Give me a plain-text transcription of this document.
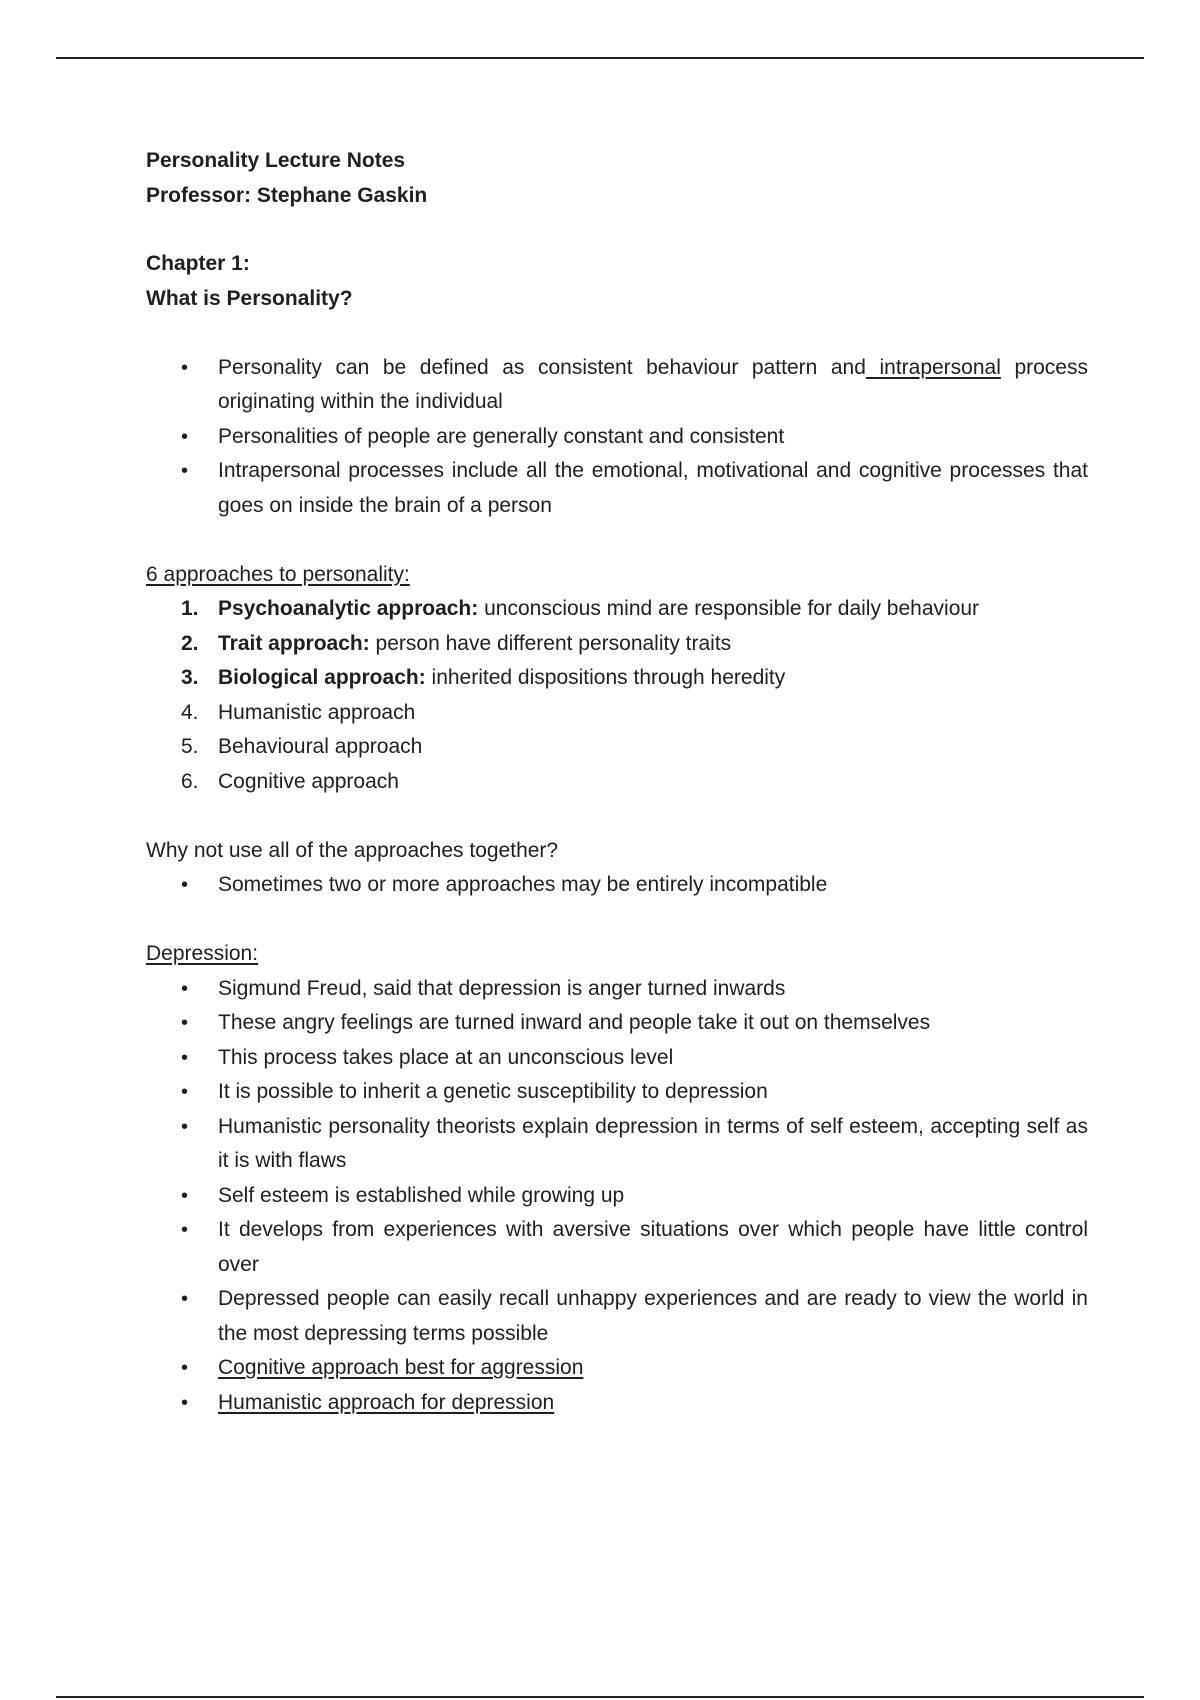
Personality Lecture Notes

Professor: Stephane Gaskin

Chapter 1:

What is Personality?

• Personality can be defined as consistent behaviour pattern and intrapersonal process originating within the individual
• Personalities of people are generally constant and consistent
• Intrapersonal processes include all the emotional, motivational and cognitive processes that goes on inside the brain of a person

6 approaches to personality:

1. Psychoanalytic approach: unconscious mind are responsible for daily behaviour
2. Trait approach: person have different personality traits
3. Biological approach: inherited dispositions through heredity
4. Humanistic approach
5. Behavioural approach
6. Cognitive approach

Why not use all of the approaches together?

• Sometimes two or more approaches may be entirely incompatible

Depression:

• Sigmund Freud, said that depression is anger turned inwards
• These angry feelings are turned inward and people take it out on themselves
• This process takes place at an unconscious level
• It is possible to inherit a genetic susceptibility to depression
• Humanistic personality theorists explain depression in terms of self esteem, accepting self as it is with flaws
• Self esteem is established while growing up
• It develops from experiences with aversive situations over which people have little control over
• Depressed people can easily recall unhappy experiences and are ready to view the world in the most depressing terms possible
• Cognitive approach best for aggression
• Humanistic approach for depression
